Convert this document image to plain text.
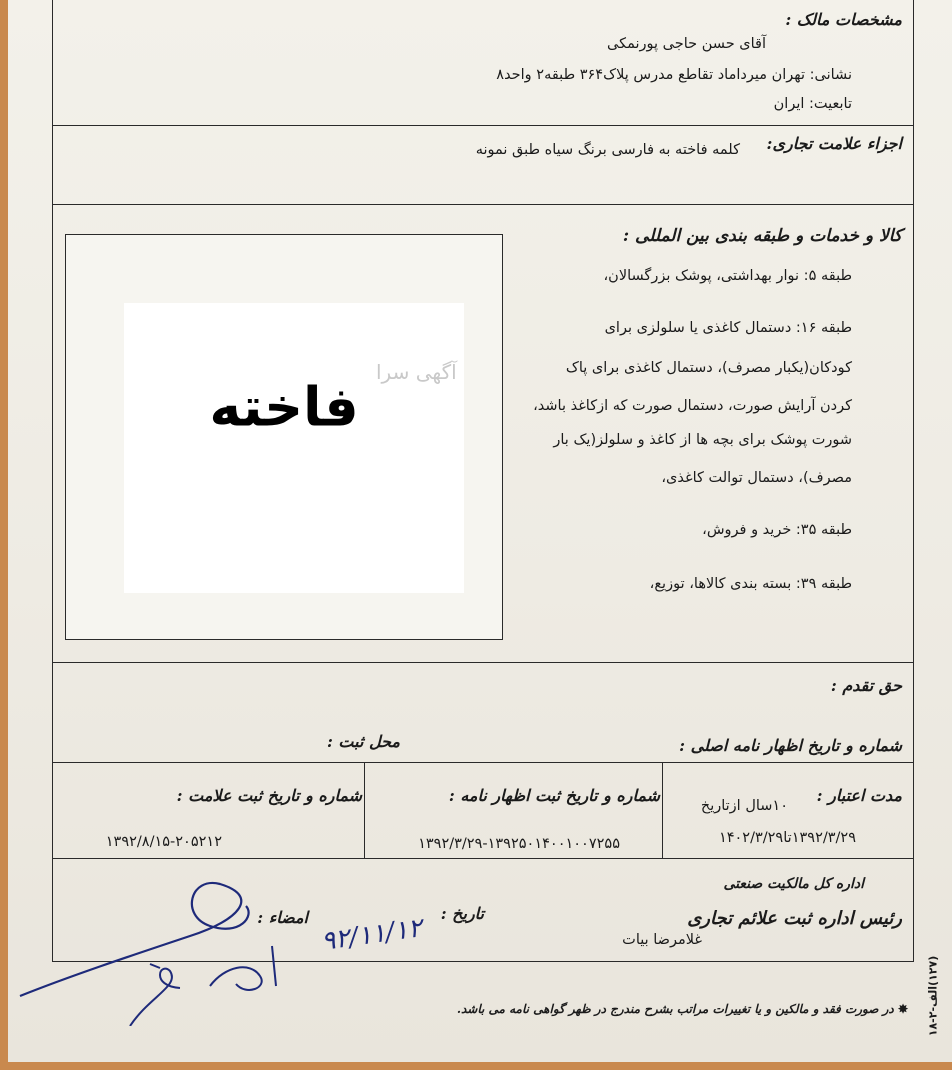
مشخصات مالک :
آقای حسن حاجی پورنمکی
نشانی: تهران میرداماد تقاطع مدرس پلاک۳۶۴ طبقه۲ واحد۸
تابعیت: ایران
اجزاء علامت تجاری:
کلمه فاخته به فارسی برنگ سیاه طبق نمونه
کالا و خدمات و طبقه بندی بین المللی :
طبقه ۵: نوار بهداشتی، پوشک بزرگسالان،
طبقه ۱۶: دستمال کاغذی یا سلولزی برای
کودکان(یکبار مصرف)، دستمال کاغذی برای پاک
کردن آرایش صورت، دستمال صورت که ازکاغذ باشد،
شورت پوشک برای بچه ها از کاغذ و سلولز(یک بار
مصرف)، دستمال توالت کاغذی،
طبقه ۳۵: خرید و فروش،
طبقه ۳۹: بسته بندی کالاها، توزیع،
فاخته
آگهی سرا
حق تقدم :
شماره و تاریخ اظهار نامه اصلی :
محل ثبت :
مدت اعتبار :
۱۰سال ازتاریخ
۱۳۹۲/۳/۲۹تا۱۴۰۲/۳/۲۹
شماره و تاریخ ثبت اظهار نامه :
۱۳۹۲/۳/۲۹-۱۳۹۲۵۰۱۴۰۰۱۰۰۷۲۵۵
شماره و تاریخ ثبت علامت :
۱۳۹۲/۸/۱۵-۲۰۵۲۱۲
اداره کل مالکیت صنعتی
رئیس اداره ثبت علائم تجاری
غلامرضا بیات
تاریخ :
امضاء : ۹۲/۱۱/۱۲
(۱۲۷)الف-۲-۱۸
✸ در صورت فقد و مالکین و یا تغییرات مراتب بشرح مندرج در ظهر گواهی نامه می باشد.
